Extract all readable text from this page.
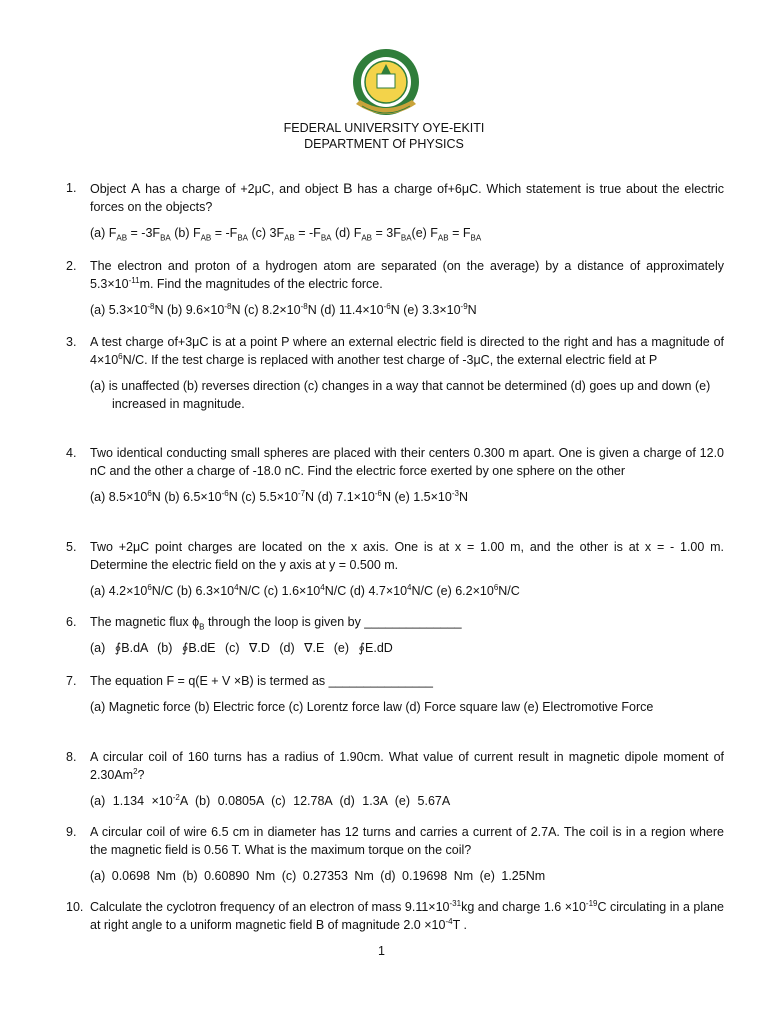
FEDERAL UNIVERSITY OYE-EKITI
DEPARTMENT Of PHYSICS
1.	Object A has a charge of +2μC, and object B has a charge of+6μC. Which statement is true about the electric forces on the objects?
(a) $F_{AB} = -3F_{BA}$ (b) $F_{AB} = -F_{BA}$ (c) $3F_{AB} = -F_{BA}$ (d) $F_{AB} = 3F_{BA}(e) F_{AB} = F_{BA}$
2.	The electron and proton of a hydrogen atom are separated (on the average) by a distance of approximately $5.3\times 10^{-11}m$. Find the magnitudes of the electric force.
(a) $5.3\times 10^{-8}N$ (b) $9.6\times 10^{-8}N$ (c) $8.2\times 10^{-8}N$ (d) $11.4\times 10^{-6}N$ (e) $3.3\times 10^{-9}N$
3.	A test charge of+3μC is at a point P where an external electric field is directed to the right and has a magnitude of $4\times 10^6N/C$. If the test charge is replaced with another test charge of -3μC, the external electric field at P
(a) is unaffected (b) reverses direction (c) changes in a way that cannot be determined (d) goes up and down (e) increased in magnitude.
4.	Two identical conducting small spheres are placed with their centers 0.300 m apart. One is given a charge of 12.0 nC and the other a charge of -18.0 nC. Find the electric force exerted by one sphere on the other
(a) $8.5\times 10^6N$ (b) $6.5\times 10^{-6}N$ (c) $5.5\times 10^{-7}N$ (d) $7.1\times 10^{-6}N$ (e) $1.5\times 10^{-3}N$
5.	Two +2μC point charges are located on the x axis. One is at x = 1.00 m, and the other is at x = - 1.00 m. Determine the electric field on the y axis at y = 0.500 m.
(a) $4.2\times 10^6N/C$ (b) $6.3\times 10^4N/C$ (c) $1.6\times 10^4N/C$ (d) $4.7\times 10^4N/C$ (e) $6.2\times 10^6N/C$
6.	The magnetic flux $\phi_B$ through the loop is given by ______________
(a) ∮B.dA (b) ∮B.dE (c) ∇.D (d) ∇.E (e) ∮E.dD
7.	The equation F = q(E + V ×B) is termed as _______________
(a) Magnetic force (b) Electric force (c) Lorentz force law (d) Force square law (e) Electromotive Force
8.	A circular coil of 160 turns has a radius of 1.90cm. What value of current result in magnetic dipole moment of 2.30Am$^2$?
(a) $1.134 \times 10^{-2}A$ (b) 0.0805A (c) 12.78A (d) 1.3A (e) 5.67A
9.	A circular coil of wire 6.5 cm in diameter has 12 turns and carries a current of 2.7A. The coil is in a region where the magnetic field is 0.56 T. What is the maximum torque on the coil?
(a) 0.0698 Nm (b) 0.60890 Nm (c) 0.27353 Nm (d) 0.19698 Nm (e) 1.25Nm
10. Calculate the cyclotron frequency of an electron of mass $9.11\times 10^{-31}kg$ and charge $1.6 \times 10^{-19}C$ circulating in a plane at right angle to a uniform magnetic field B of magnitude $2.0 \times 10^{-4}T$ .
1
